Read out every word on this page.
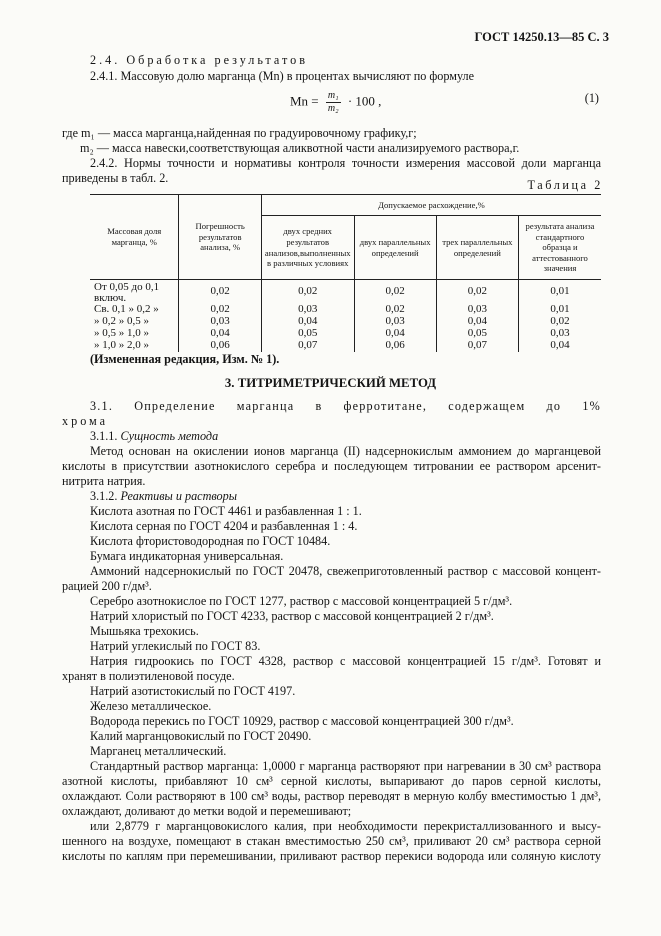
ГОСТ 14250.13—85 С. 3
2.4. Обработка результатов
2.4.1. Массовую долю марганца (Mn) в процентах вычисляют по формуле
$Mn = \frac{\text{m₁}}{\text{m₂}} \cdot 100$ ,	(1)
где m₁ — масса марганца,найденная по градуировочному графику,г;
m₂ — масса навески,соответствующая аликвотной части анализируемого раствора,г.
2.4.2. Нормы точности и нормативы контроля точности измерения массовой доли марганца
приведены в табл. 2.	Таблица 2
Массовая доля марганца, %	Погрешность результатов анализа, %	Допускаемое расхождение,%			
		двух средних результатов анализов,выполненных в различных условиях	двух параллельных определений	трех параллельных определений	результата анализа стандартного образца и аттестованного значения
От 0,05 до 0,1 включ.	0,02	0,02	0,02	0,02	0,01
Св. 0,1 » 0,2 »	0,02	0,03	0,02	0,03	0,01
» 0,2 » 0,5 »	0,03	0,04	0,03	0,04	0,02
» 0,5 » 1,0 »	0,04	0,05	0,04	0,05	0,03
» 1,0 » 2,0 »	0,06	0,07	0,06	0,07	0,04
(Измененная редакция, Изм. № 1).
3. ТИТРИМЕТРИЧЕСКИЙ МЕТОД
3.1. Определение марганца в ферротитане, содержащем до 1%
хрома
3.1.1. Сущность метода
Метод основан на окислении ионов марганца (II) надсернокислым аммонием до марганцевой
кислоты в присутствии азотнокислого серебра и последующем титровании ее раствором арсенит-
нитрита натрия.
3.1.2. Реактивы и растворы
Кислота азотная по ГОСТ 4461 и разбавленная 1 : 1.
Кислота серная по ГОСТ 4204 и разбавленная 1 : 4.
Кислота фтористоводородная по ГОСТ 10484.
Бумага индикаторная универсальная.
Аммоний надсернокислый по ГОСТ 20478, свежеприготовленный раствор с массовой концент-
рацией 200 г/дм³.
Серебро азотнокислое по ГОСТ 1277, раствор с массовой концентрацией 5 г/дм³.
Натрий хлористый по ГОСТ 4233, раствор с массовой концентрацией 2 г/дм³.
Мышьяка трехокись.
Натрий углекислый по ГОСТ 83.
Натрия гидроокись по ГОСТ 4328, раствор с массовой концентрацией 15 г/дм³. Готовят и
хранят в полиэтиленовой посуде.
Натрий азотистокислый по ГОСТ 4197.
Железо металлическое.
Водорода перекись по ГОСТ 10929, раствор с массовой концентрацией 300 г/дм³.
Калий марганцовокислый по ГОСТ 20490.
Марганец металлический.
Стандартный раствор марганца: 1,0000 г марганца растворяют при нагревании в 30 см³ раствора
азотной кислоты, прибавляют 10 см³ серной кислоты, выпаривают до паров серной кислоты,
охлаждают. Соли растворяют в 100 см³ воды, раствор переводят в мерную колбу вместимостью 1 дм³,
охлаждают, доливают до метки водой и перемешивают;
или 2,8779 г марганцовокислого калия, при необходимости перекристаллизованного и высу-
шенного на воздухе, помещают в стакан вместимостью 250 см³, приливают 20 см³ раствора серной
кислоты по каплям при перемешивании, приливают раствор перекиси водорода или соляную кислоту
